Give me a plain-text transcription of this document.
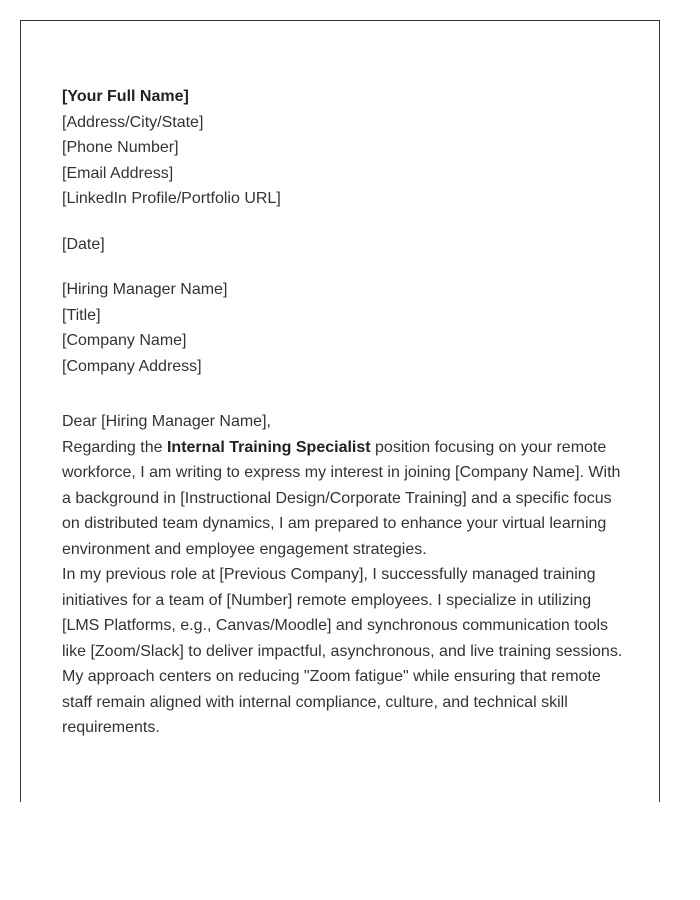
[Your Full Name]
[Address/City/State]
[Phone Number]
[Email Address]
[LinkedIn Profile/Portfolio URL]
[Date]
[Hiring Manager Name]
[Title]
[Company Name]
[Company Address]
Dear [Hiring Manager Name],

Regarding the Internal Training Specialist position focusing on your remote workforce, I am writing to express my interest in joining [Company Name]. With a background in [Instructional Design/Corporate Training] and a specific focus on distributed team dynamics, I am prepared to enhance your virtual learning environment and employee engagement strategies.

In my previous role at [Previous Company], I successfully managed training initiatives for a team of [Number] remote employees. I specialize in utilizing [LMS Platforms, e.g., Canvas/Moodle] and synchronous communication tools like [Zoom/Slack] to deliver impactful, asynchronous, and live training sessions. My approach centers on reducing "Zoom fatigue" while ensuring that remote staff remain aligned with internal compliance, culture, and technical skill requirements.
